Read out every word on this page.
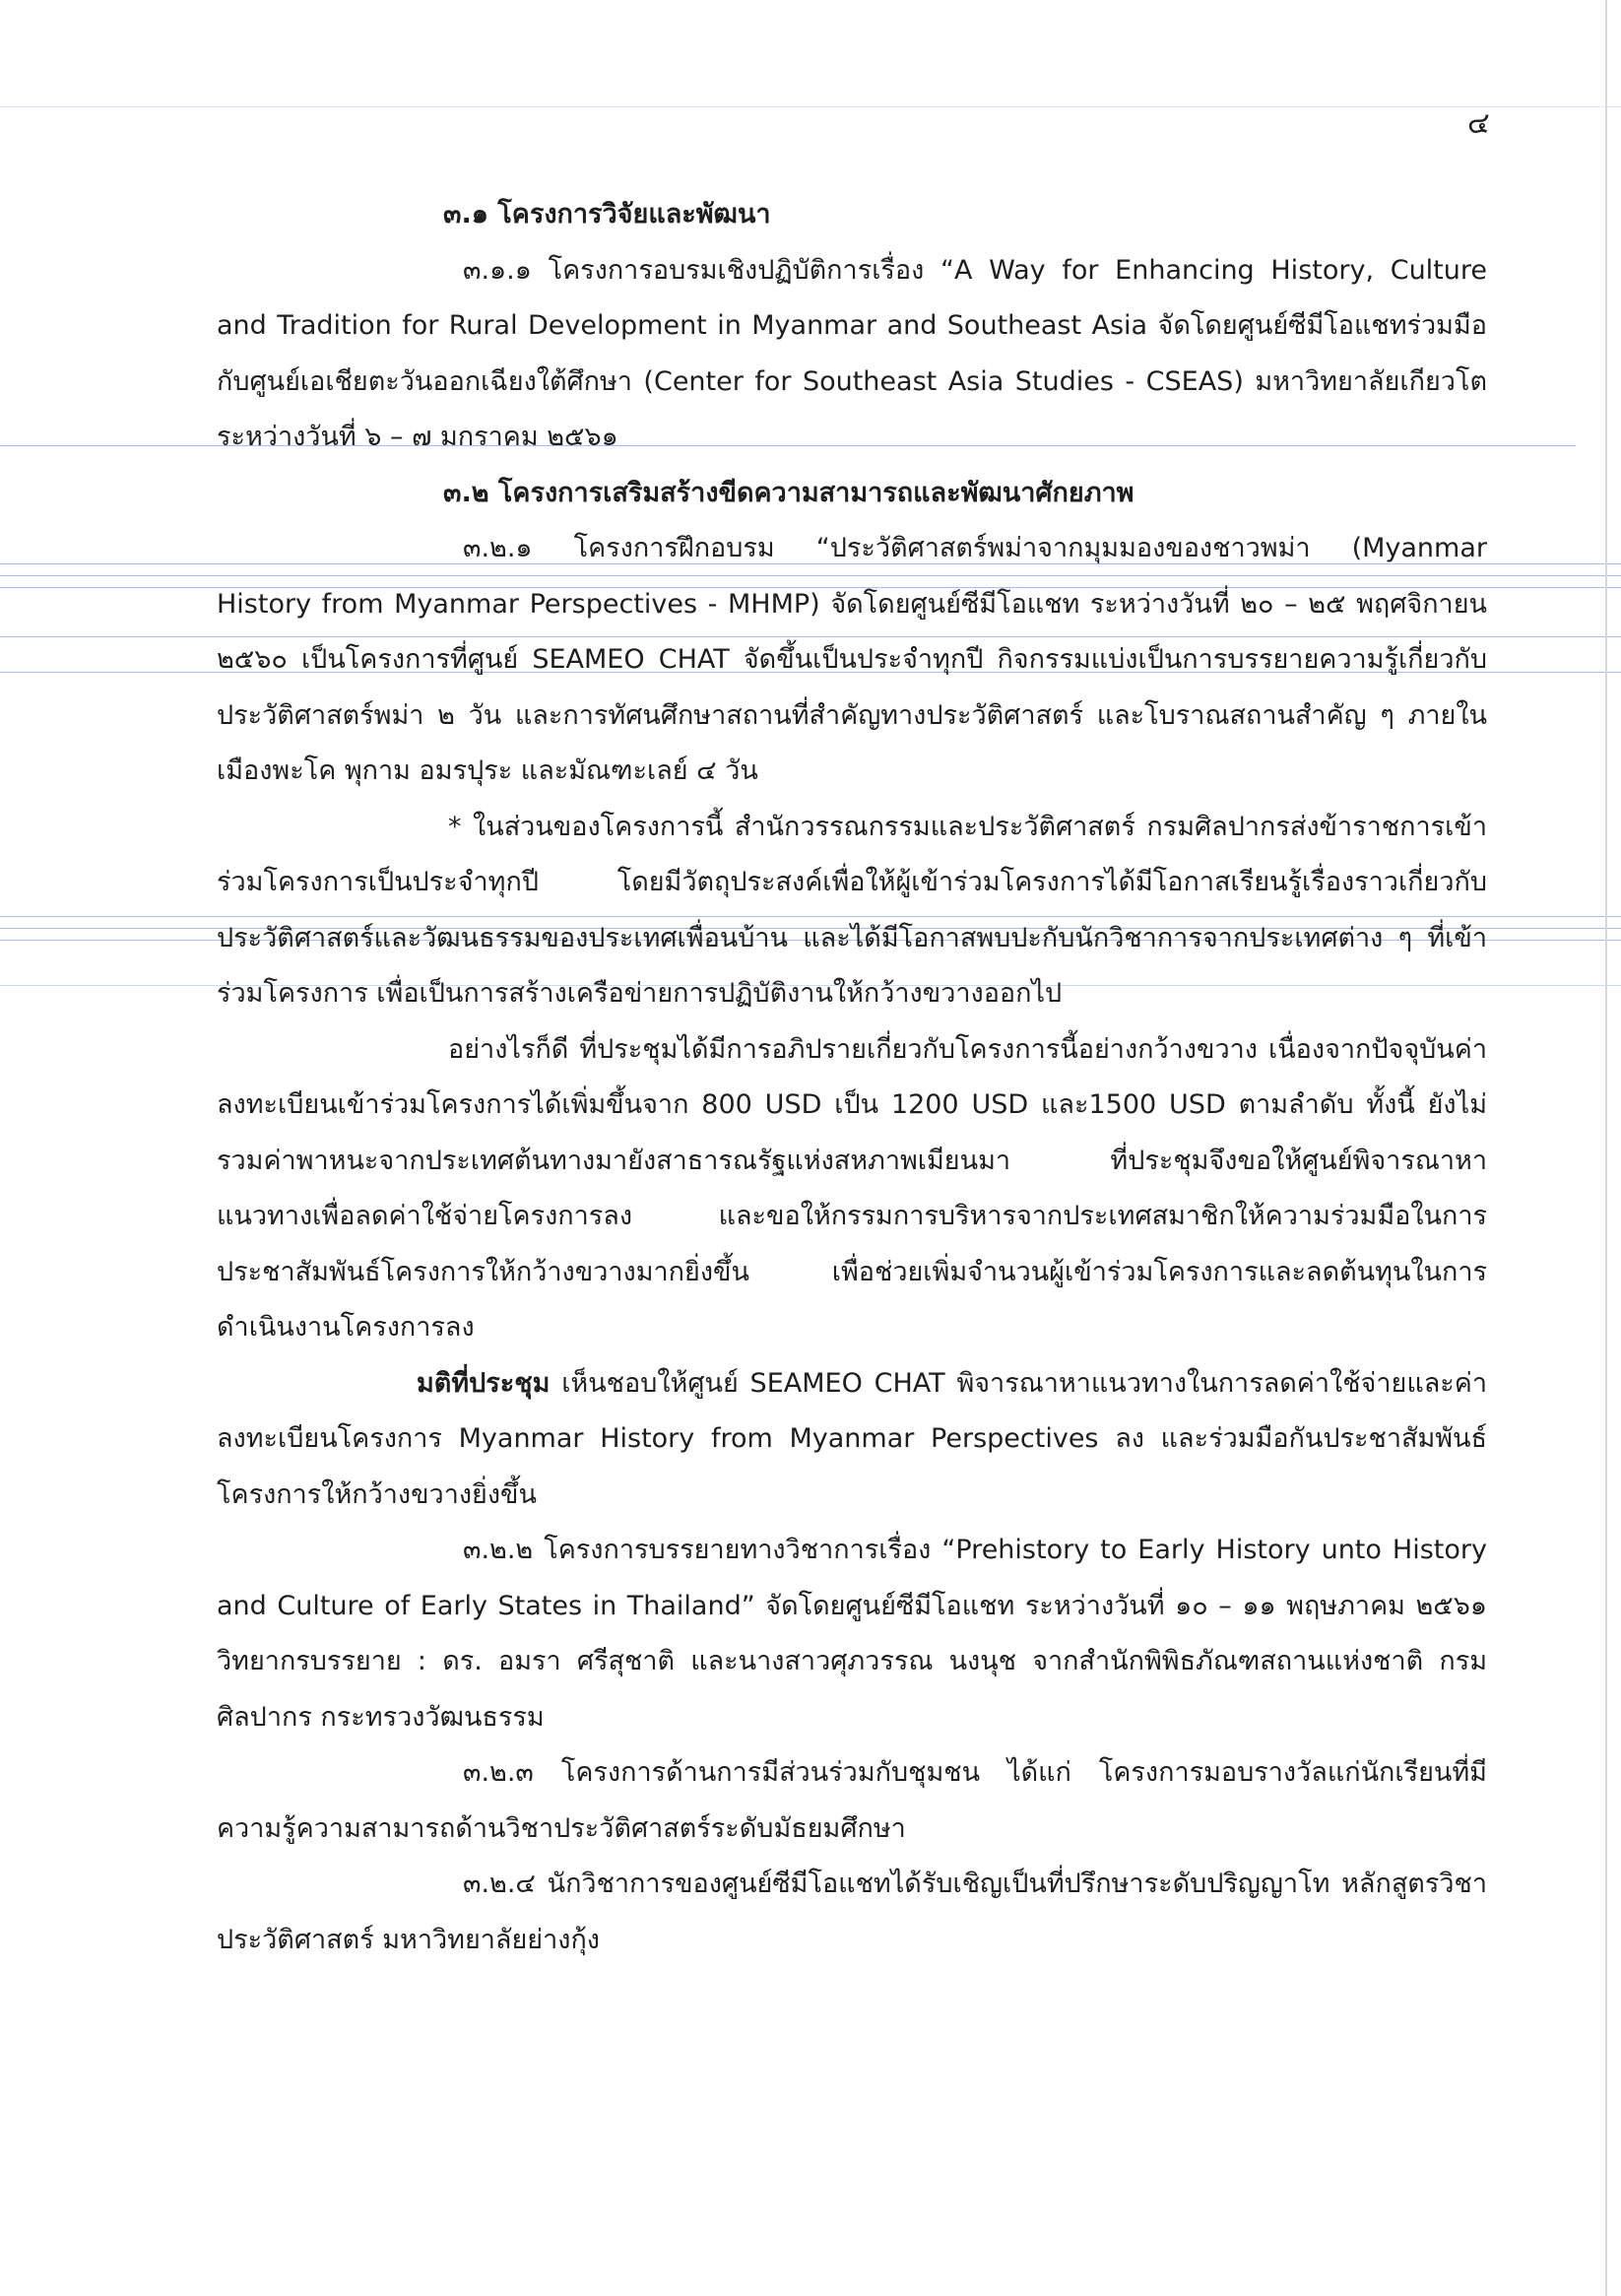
๔

๓.๑ โครงการวิจัยและพัฒนา

๓.๑.๑ โครงการอบรมเชิงปฏิบัติการเรื่อง “A Way for Enhancing History, Culture and Tradition for Rural Development in Myanmar and Southeast Asia จัดโดยศูนย์ซีมีโอแชทร่วมมือกับศูนย์เอเชียตะวันออกเฉียงใต้ศึกษา (Center for Southeast Asia Studies - CSEAS) มหาวิทยาลัยเกียวโต ระหว่างวันที่ ๖ – ๗ มกราคม ๒๕๖๑

๓.๒ โครงการเสริมสร้างขีดความสามารถและพัฒนาศักยภาพ

๓.๒.๑ โครงการฝึกอบรม “ประวัติศาสตร์พม่าจากมุมมองของชาวพม่า (Myanmar History from Myanmar Perspectives - MHMP) จัดโดยศูนย์ซีมีโอแชท ระหว่างวันที่ ๒๐ – ๒๕ พฤศจิกายน ๒๕๖๐ เป็นโครงการที่ศูนย์ SEAMEO CHAT จัดขึ้นเป็นประจำทุกปี กิจกรรมแบ่งเป็นการบรรยายความรู้เกี่ยวกับประวัติศาสตร์พม่า ๒ วัน และการทัศนศึกษาสถานที่สำคัญทางประวัติศาสตร์ และโบราณสถานสำคัญ ๆ ภายในเมืองพะโค พุกาม อมรปุระ และมัณฑะเลย์ ๔ วัน

* ในส่วนของโครงการนี้ สำนักวรรณกรรมและประวัติศาสตร์ กรมศิลปากรส่งข้าราชการเข้าร่วมโครงการเป็นประจำทุกปี โดยมีวัตถุประสงค์เพื่อให้ผู้เข้าร่วมโครงการได้มีโอกาสเรียนรู้เรื่องราวเกี่ยวกับประวัติศาสตร์และวัฒนธรรมของประเทศเพื่อนบ้าน และได้มีโอกาสพบปะกับนักวิชาการจากประเทศต่าง ๆ ที่เข้าร่วมโครงการ เพื่อเป็นการสร้างเครือข่ายการปฏิบัติงานให้กว้างขวางออกไป

อย่างไรก็ดี ที่ประชุมได้มีการอภิปรายเกี่ยวกับโครงการนี้อย่างกว้างขวาง เนื่องจากปัจจุบันค่าลงทะเบียนเข้าร่วมโครงการได้เพิ่มขึ้นจาก 800 USD เป็น 1200 USD และ1500 USD ตามลำดับ ทั้งนี้ ยังไม่รวมค่าพาหนะจากประเทศต้นทางมายังสาธารณรัฐแห่งสหภาพเมียนมา ที่ประชุมจึงขอให้ศูนย์พิจารณาหาแนวทางเพื่อลดค่าใช้จ่ายโครงการลง และขอให้กรรมการบริหารจากประเทศสมาชิกให้ความร่วมมือในการประชาสัมพันธ์โครงการให้กว้างขวางมากยิ่งขึ้น เพื่อช่วยเพิ่มจำนวนผู้เข้าร่วมโครงการและลดต้นทุนในการดำเนินงานโครงการลง

มติที่ประชุม เห็นชอบให้ศูนย์ SEAMEO CHAT พิจารณาหาแนวทางในการลดค่าใช้จ่ายและค่าลงทะเบียนโครงการ Myanmar History from Myanmar Perspectives ลง และร่วมมือกันประชาสัมพันธ์โครงการให้กว้างขวางยิ่งขึ้น

๓.๒.๒ โครงการบรรยายทางวิชาการเรื่อง “Prehistory to Early History unto History and Culture of Early States in Thailand” จัดโดยศูนย์ซีมีโอแชท ระหว่างวันที่ ๑๐ – ๑๑ พฤษภาคม ๒๕๖๑ วิทยากรบรรยาย : ดร. อมรา ศรีสุชาติ และนางสาวศุภวรรณ นงนุช จากสำนักพิพิธภัณฑสถานแห่งชาติ กรมศิลปากร กระทรวงวัฒนธรรม

๓.๒.๓ โครงการด้านการมีส่วนร่วมกับชุมชน ได้แก่ โครงการมอบรางวัลแก่นักเรียนที่มีความรู้ความสามารถด้านวิชาประวัติศาสตร์ระดับมัธยมศึกษา

๓.๒.๔ นักวิชาการของศูนย์ซีมีโอแชทได้รับเชิญเป็นที่ปรึกษาระดับปริญญาโท หลักสูตรวิชาประวัติศาสตร์ มหาวิทยาลัยย่างกุ้ง
